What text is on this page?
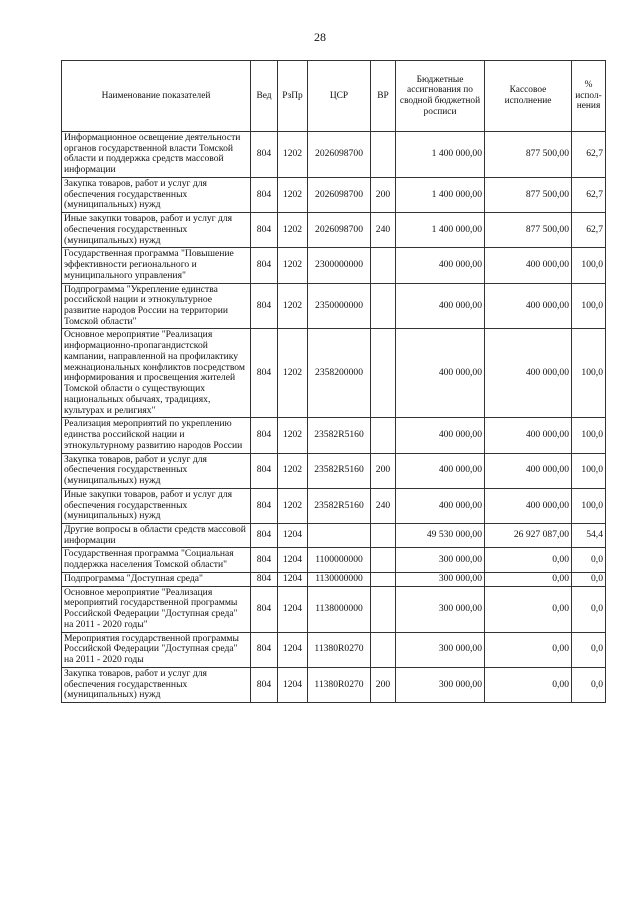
28
Наименование показателей	Вед	РзПр	ЦСР	ВР	Бюджетные ассигнования по сводной бюджетной росписи	Кассовое исполнение	% испол-нения
Информационное освещение деятельности органов государственной власти Томской области и поддержка средств массовой информации	804	1202	2026098700		1 400 000,00	877 500,00	62,7
Закупка товаров, работ и услуг для обеспечения государственных (муниципальных) нужд	804	1202	2026098700	200	1 400 000,00	877 500,00	62,7
Иные закупки товаров, работ и услуг для обеспечения государственных (муниципальных) нужд	804	1202	2026098700	240	1 400 000,00	877 500,00	62,7
Государственная программа "Повышение эффективности регионального и муниципального управления"	804	1202	2300000000		400 000,00	400 000,00	100,0
Подпрограмма "Укрепление единства российской нации и этнокультурное развитие народов России на территории Томской области"	804	1202	2350000000		400 000,00	400 000,00	100,0
Основное мероприятие "Реализация информационно-пропагандистской кампании, направленной на профилактику межнациональных конфликтов посредством информирования и просвещения жителей Томской области о существующих национальных обычаях, традициях, культурах и религиях"	804	1202	2358200000		400 000,00	400 000,00	100,0
Реализация мероприятий по укреплению единства российской нации и этнокультурному развитию народов России	804	1202	23582R5160		400 000,00	400 000,00	100,0
Закупка товаров, работ и услуг для обеспечения государственных (муниципальных) нужд	804	1202	23582R5160	200	400 000,00	400 000,00	100,0
Иные закупки товаров, работ и услуг для обеспечения государственных (муниципальных) нужд	804	1202	23582R5160	240	400 000,00	400 000,00	100,0
Другие вопросы в области средств массовой информации	804	1204			49 530 000,00	26 927 087,00	54,4
Государственная программа "Социальная поддержка населения Томской области"	804	1204	1100000000		300 000,00	0,00	0,0
Подпрограмма "Доступная среда"	804	1204	1130000000		300 000,00	0,00	0,0
Основное мероприятие "Реализация мероприятий государственной программы Российской Федерации "Доступная среда" на 2011 - 2020 годы"	804	1204	1138000000		300 000,00	0,00	0,0
Мероприятия государственной программы Российской Федерации "Доступная среда" на 2011 - 2020 годы	804	1204	11380R0270		300 000,00	0,00	0,0
Закупка товаров, работ и услуг для обеспечения государственных (муниципальных) нужд	804	1204	11380R0270	200	300 000,00	0,00	0,0
